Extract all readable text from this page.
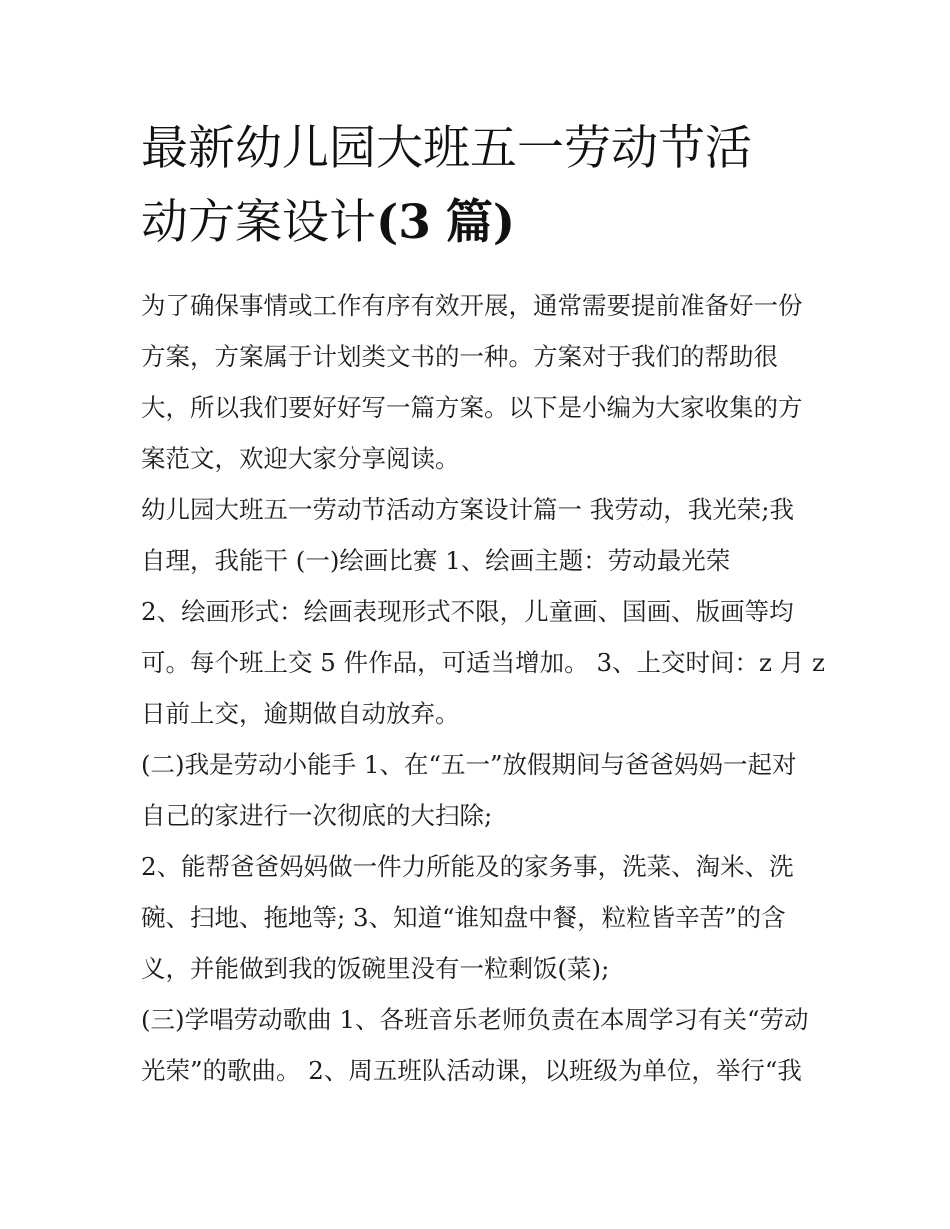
最新幼儿园大班五一劳动节活
动方案设计(3 篇)
为了确保事情或工作有序有效开展，通常需要提前准备好一份
方案，方案属于计划类文书的一种。方案对于我们的帮助很
大，所以我们要好好写一篇方案。以下是小编为大家收集的方
案范文，欢迎大家分享阅读。
幼儿园大班五一劳动节活动方案设计篇一 我劳动，我光荣;我
自理，我能干 (一)绘画比赛 1、绘画主题：劳动最光荣
2、绘画形式：绘画表现形式不限，儿童画、国画、版画等均
可。每个班上交 5 件作品，可适当增加。 3、上交时间：z 月 z
日前上交，逾期做自动放弃。
(二)我是劳动小能手 1、在“五一”放假期间与爸爸妈妈一起对
自己的家进行一次彻底的大扫除;
2、能帮爸爸妈妈做一件力所能及的家务事，洗菜、淘米、洗
碗、扫地、拖地等; 3、知道“谁知盘中餐，粒粒皆辛苦”的含
义，并能做到我的饭碗里没有一粒剩饭(菜);
(三)学唱劳动歌曲 1、各班音乐老师负责在本周学习有关“劳动
光荣”的歌曲。 2、周五班队活动课，以班级为单位，举行“我
